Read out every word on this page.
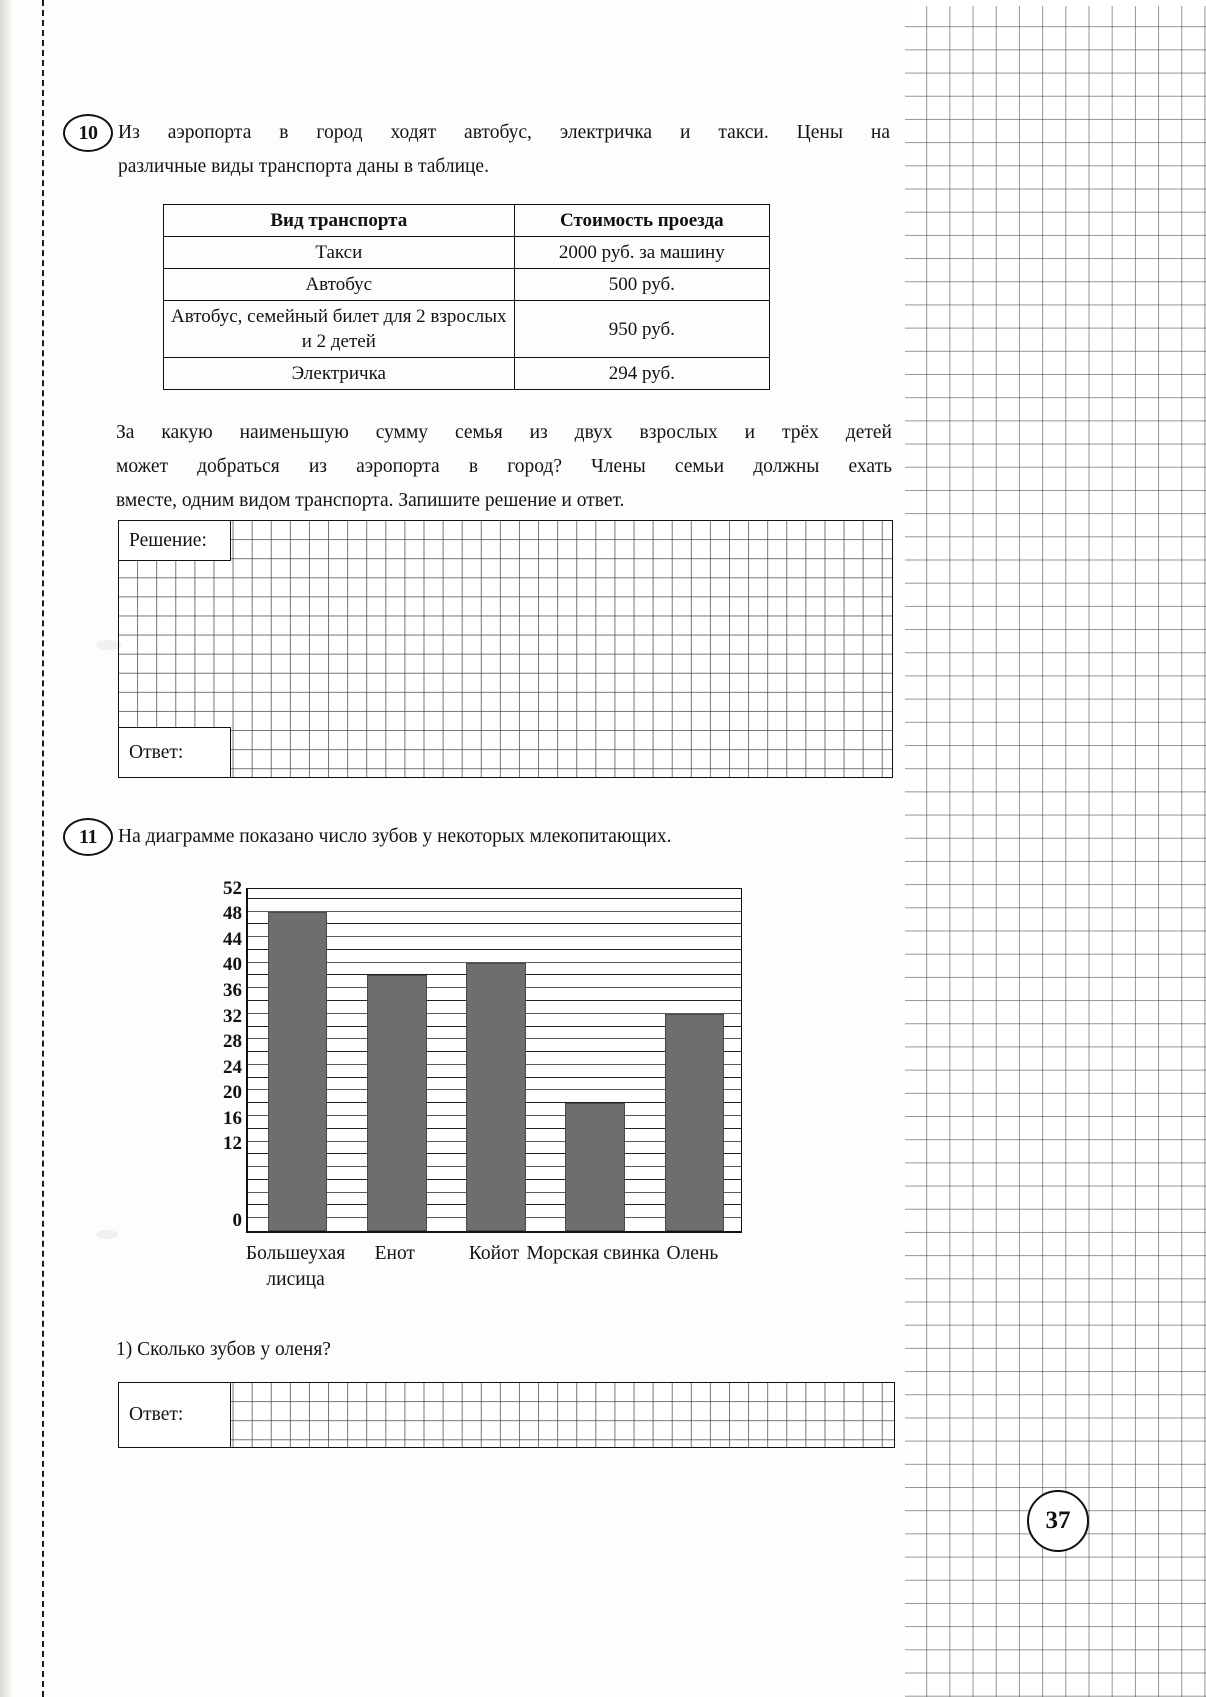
10	Из аэропорта в город ходят автобус, электричка и такси. Цены на
различные виды транспорта даны в таблице.
Вид транспорта	Стоимость проезда
Такси	2000 руб. за машину
Автобус	500 руб.
Автобус, семейный билет для 2 взрослых и 2 детей	950 руб.
Электричка	294 руб.
За какую наименьшую сумму семья из двух взрослых и трёх детей
может добраться из аэропорта в город? Члены семьи должны ехать
вместе, одним видом транспорта. Запишите решение и ответ.
Решение:
Ответ:
11	На диаграмме показано число зубов у некоторых млекопитающих.
52
48
44
40
36
32
28
24
20
16
12
0
Большеухая лисица
Енот	Койот Морская свинка Олень
1) Сколько зубов у оленя?
Ответ:
37
